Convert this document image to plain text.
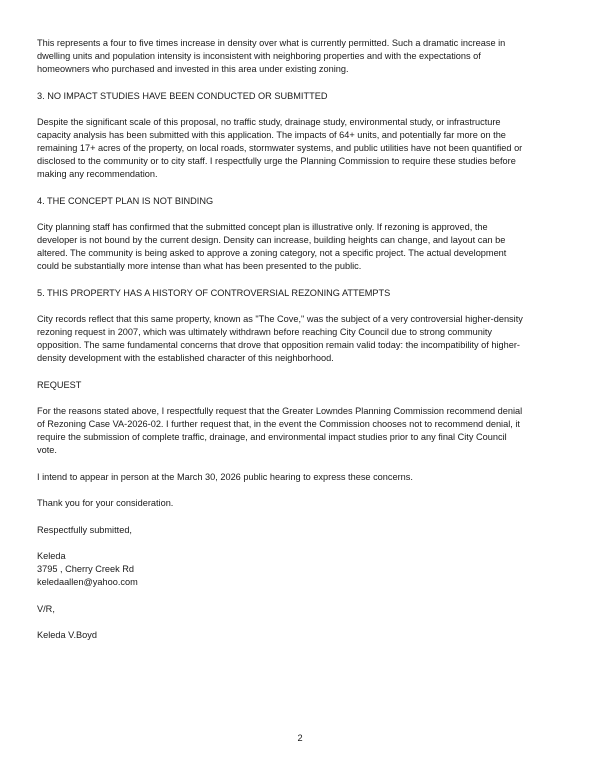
This represents a four to five times increase in density over what is currently permitted. Such a dramatic increase in
dwelling units and population intensity is inconsistent with neighboring properties and with the expectations of
homeowners who purchased and invested in this area under existing zoning.

3. NO IMPACT STUDIES HAVE BEEN CONDUCTED OR SUBMITTED

Despite the significant scale of this proposal, no traffic study, drainage study, environmental study, or infrastructure
capacity analysis has been submitted with this application. The impacts of 64+ units, and potentially far more on the
remaining 17+ acres of the property, on local roads, stormwater systems, and public utilities have not been quantified or
disclosed to the community or to city staff. I respectfully urge the Planning Commission to require these studies before
making any recommendation.

4. THE CONCEPT PLAN IS NOT BINDING

City planning staff has confirmed that the submitted concept plan is illustrative only. If rezoning is approved, the
developer is not bound by the current design. Density can increase, building heights can change, and layout can be
altered. The community is being asked to approve a zoning category, not a specific project. The actual development
could be substantially more intense than what has been presented to the public.

5. THIS PROPERTY HAS A HISTORY OF CONTROVERSIAL REZONING ATTEMPTS

City records reflect that this same property, known as "The Cove," was the subject of a very controversial higher-density
rezoning request in 2007, which was ultimately withdrawn before reaching City Council due to strong community
opposition. The same fundamental concerns that drove that opposition remain valid today: the incompatibility of higher-
density development with the established character of this neighborhood.

REQUEST

For the reasons stated above, I respectfully request that the Greater Lowndes Planning Commission recommend denial
of Rezoning Case VA-2026-02. I further request that, in the event the Commission chooses not to recommend denial, it
require the submission of complete traffic, drainage, and environmental impact studies prior to any final City Council
vote.

I intend to appear in person at the March 30, 2026 public hearing to express these concerns.

Thank you for your consideration.

Respectfully submitted,

Keleda
3795 , Cherry Creek Rd
keledaallen@yahoo.com

V/R,

Keleda V.Boyd

2
